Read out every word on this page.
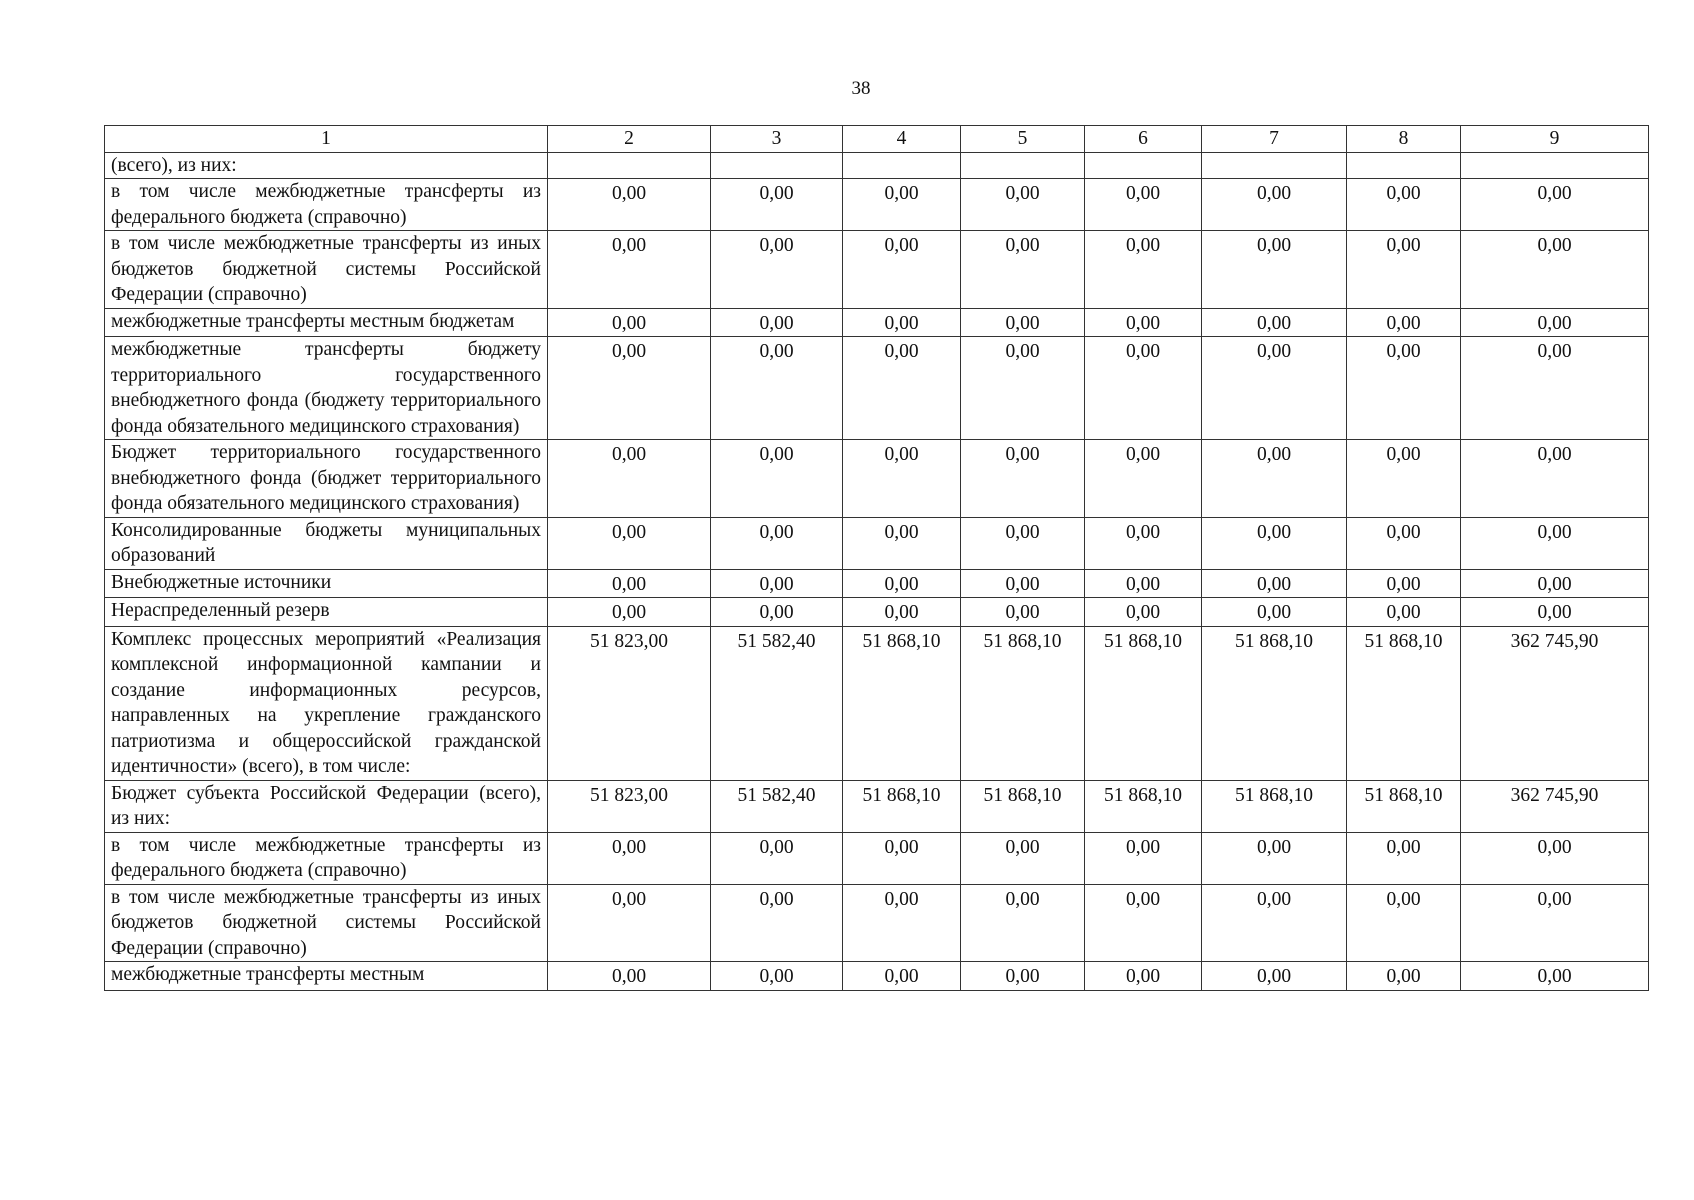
38
1	2	3	4	5	6	7	8	9
(всего), из них:								
в том числе межбюджетные трансферты из федерального бюджета (справочно)	0,00	0,00	0,00	0,00	0,00	0,00	0,00	0,00
в том числе межбюджетные трансферты из иных бюджетов бюджетной системы Российской Федерации (справочно)	0,00	0,00	0,00	0,00	0,00	0,00	0,00	0,00
межбюджетные трансферты местным бюджетам	0,00	0,00	0,00	0,00	0,00	0,00	0,00	0,00
межбюджетные трансферты бюджету территориального государственного внебюджетного фонда (бюджету территориального фонда обязательного медицинского страхования)	0,00	0,00	0,00	0,00	0,00	0,00	0,00	0,00
Бюджет территориального государственного внебюджетного фонда (бюджет территориального фонда обязательного медицинского страхования)	0,00	0,00	0,00	0,00	0,00	0,00	0,00	0,00
Консолидированные бюджеты муниципальных образований	0,00	0,00	0,00	0,00	0,00	0,00	0,00	0,00
Внебюджетные источники	0,00	0,00	0,00	0,00	0,00	0,00	0,00	0,00
Нераспределенный резерв	0,00	0,00	0,00	0,00	0,00	0,00	0,00	0,00
Комплекс процессных мероприятий «Реализация комплексной информационной кампании и создание информационных ресурсов, направленных на укрепление гражданского патриотизма и общероссийской гражданской идентичности» (всего), в том числе:	51 823,00	51 582,40	51 868,10	51 868,10	51 868,10	51 868,10	51 868,10	362 745,90
Бюджет субъекта Российской Федерации (всего), из них:	51 823,00	51 582,40	51 868,10	51 868,10	51 868,10	51 868,10	51 868,10	362 745,90
в том числе межбюджетные трансферты из федерального бюджета (справочно)	0,00	0,00	0,00	0,00	0,00	0,00	0,00	0,00
в том числе межбюджетные трансферты из иных бюджетов бюджетной системы Российской Федерации (справочно)	0,00	0,00	0,00	0,00	0,00	0,00	0,00	0,00
межбюджетные трансферты местным	0,00	0,00	0,00	0,00	0,00	0,00	0,00	0,00
